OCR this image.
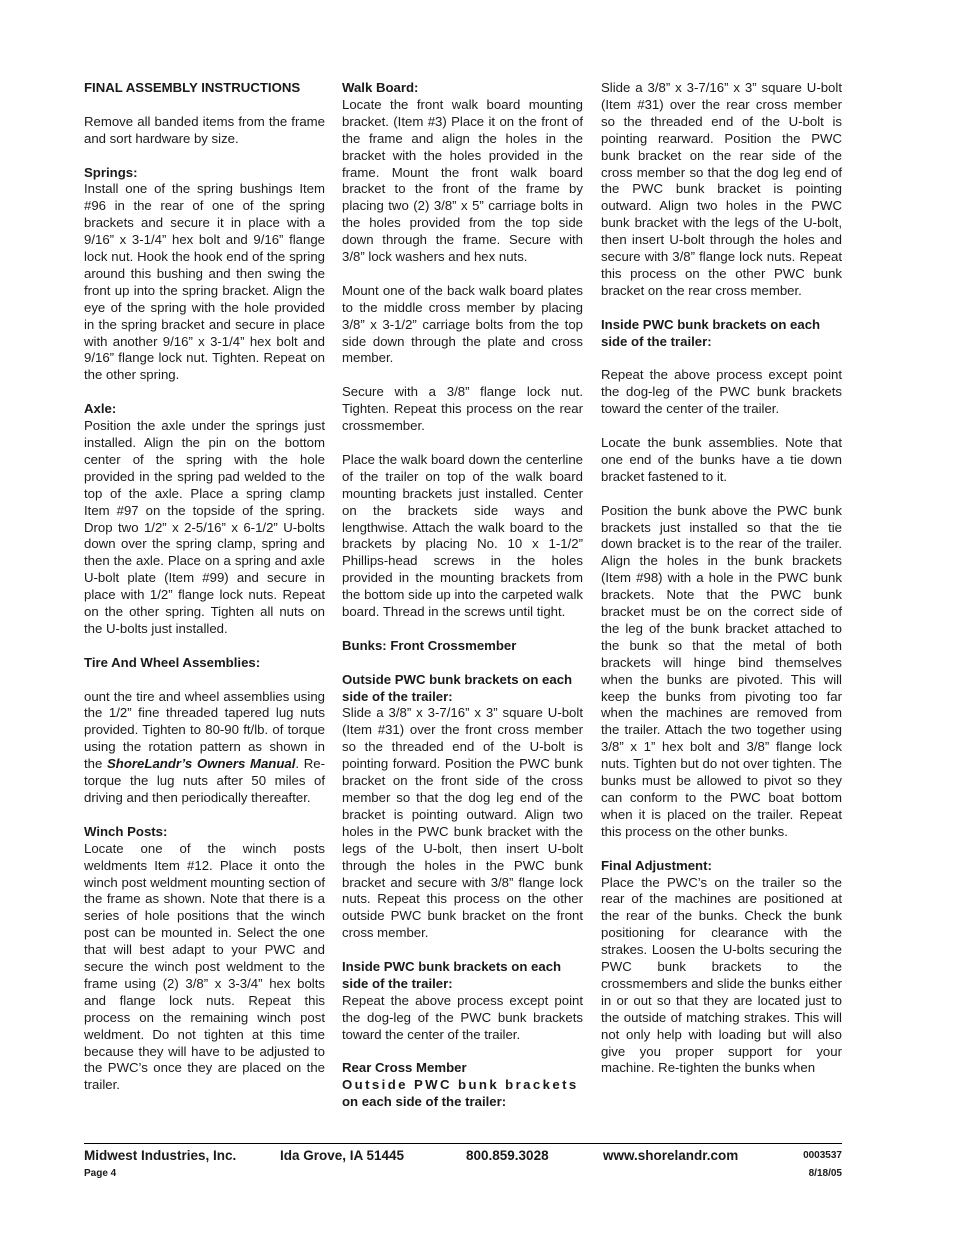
FINAL ASSEMBLY INSTRUCTIONS

Remove all banded items from the frame and sort hardware by size.

Springs:

Install one of the spring bushings Item #96 in the rear of one of the spring brackets and secure it in place with a 9/16” x 3-1/4” hex bolt and 9/16” flange lock nut. Hook the hook end of the spring around this bushing and then swing the front up into the spring bracket. Align the eye of the spring with the hole provided in the spring bracket and secure in place with another 9/16” x 3-1/4” hex bolt and 9/16” flange lock nut. Tighten. Repeat on the other spring.

Axle:

Position the axle under the springs just installed. Align the pin on the bottom center of the spring with the hole provided in the spring pad welded to the top of the axle. Place a spring clamp Item #97 on the topside of the spring. Drop two 1/2” x 2-5/16” x 6-1/2” U-bolts down over the spring clamp, spring and then the axle. Place on a spring and axle U-bolt plate (Item #99) and secure in place with 1/2” flange lock nuts. Repeat on the other spring. Tighten all nuts on the U-bolts just installed.

Tire And Wheel Assemblies:

ount the tire and wheel assemblies using the 1/2” fine threaded tapered lug nuts provided. Tighten to 80-90 ft/lb. of torque using the rotation pattern as shown in the ShoreLandr’s Owners Manual. Re-torque the lug nuts after 50 miles of driving and then periodically thereafter.

Winch Posts:

Locate one of the winch posts weldments Item #12. Place it onto the winch post weldment mounting section of the frame as shown. Note that there is a series of hole positions that the winch post can be mounted in. Select the one that will best adapt to your PWC and secure the winch post weldment to the frame using (2) 3/8” x 3-3/4” hex bolts and flange lock nuts. Repeat this process on the remaining winch post weldment. Do not tighten at this time because they will have to be adjusted to the PWC’s once they are placed on the trailer.

Walk Board:

Locate the front walk board mounting bracket. (Item #3) Place it on the front of the frame and align the holes in the bracket with the holes provided in the frame. Mount the front walk board bracket to the front of the frame by placing two (2) 3/8” x 5” carriage bolts in the holes provided from the top side down through the frame. Secure with 3/8” lock washers and hex nuts.

Mount one of the back walk board plates to the middle cross member by placing 3/8” x 3-1/2” carriage bolts from the top side down through the plate and cross member.

Secure with a 3/8” flange lock nut. Tighten. Repeat this process on the rear crossmember.

Place the walk board down the centerline of the trailer on top of the walk board mounting brackets just installed. Center on the brackets side ways and lengthwise. Attach the walk board to the brackets by placing No. 10 x 1-1/2” Phillips-head screws in the holes provided in the mounting brackets from the bottom side up into the carpeted walk board. Thread in the screws until tight.

Bunks: Front Crossmember
Outside PWC bunk brackets on each side of the trailer:

Slide a 3/8” x 3-7/16” x 3” square U-bolt (Item #31) over the front cross member so the threaded end of the U-bolt is pointing forward. Position the PWC bunk bracket on the front side of the cross member so that the dog leg end of the bracket is pointing outward. Align two holes in the PWC bunk bracket with the legs of the U-bolt, then insert U-bolt through the holes in the PWC bunk bracket and secure with 3/8” flange lock nuts. Repeat this process on the other outside PWC bunk bracket on the front cross member.

Inside PWC bunk brackets on each side of the trailer:

Repeat the above process except point the dog-leg of the PWC bunk brackets toward the center of the trailer.

Rear Cross Member
Outside PWC bunk brackets
on each side of the trailer:

Slide a 3/8” x 3-7/16” x 3” square U-bolt (Item #31) over the rear cross member so the threaded end of the U-bolt is pointing rearward. Position the PWC bunk bracket on the rear side of the cross member so that the dog leg end of the PWC bunk bracket is pointing outward. Align two holes in the PWC bunk bracket with the legs of the U-bolt, then insert U-bolt through the holes and secure with 3/8” flange lock nuts. Repeat this process on the other PWC bunk bracket on the rear cross member.

Inside PWC bunk brackets on each side of the trailer:

Repeat the above process except point the dog-leg of the PWC bunk brackets toward the center of the trailer.

Locate the bunk assemblies. Note that one end of the bunks have a tie down bracket fastened to it.

Position the bunk above the PWC bunk brackets just installed so that the tie down bracket is to the rear of the trailer. Align the holes in the bunk brackets (Item #98) with a hole in the PWC bunk brackets. Note that the PWC bunk bracket must be on the correct side of the leg of the bunk bracket attached to the bunk so that the metal of both brackets will hinge bind themselves when the bunks are pivoted. This will keep the bunks from pivoting too far when the machines are removed from the trailer. Attach the two together using 3/8” x 1” hex bolt and 3/8” flange lock nuts. Tighten but do not over tighten. The bunks must be allowed to pivot so they can conform to the PWC boat bottom when it is placed on the trailer. Repeat this process on the other bunks.

Final Adjustment:

Place the PWC’s on the trailer so the rear of the machines are positioned at the rear of the bunks. Check the bunk positioning for clearance with the strakes. Loosen the U-bolts securing the PWC bunk brackets to the crossmembers and slide the bunks either in or out so that they are located just to the outside of matching strakes. This will not only help with loading but will also give you proper support for your machine. Re-tighten the bunks when

Midwest Industries, Inc.	Ida Grove, IA 51445	800.859.3028	www.shorelandr.com	0003537
Page 4	8/18/05
